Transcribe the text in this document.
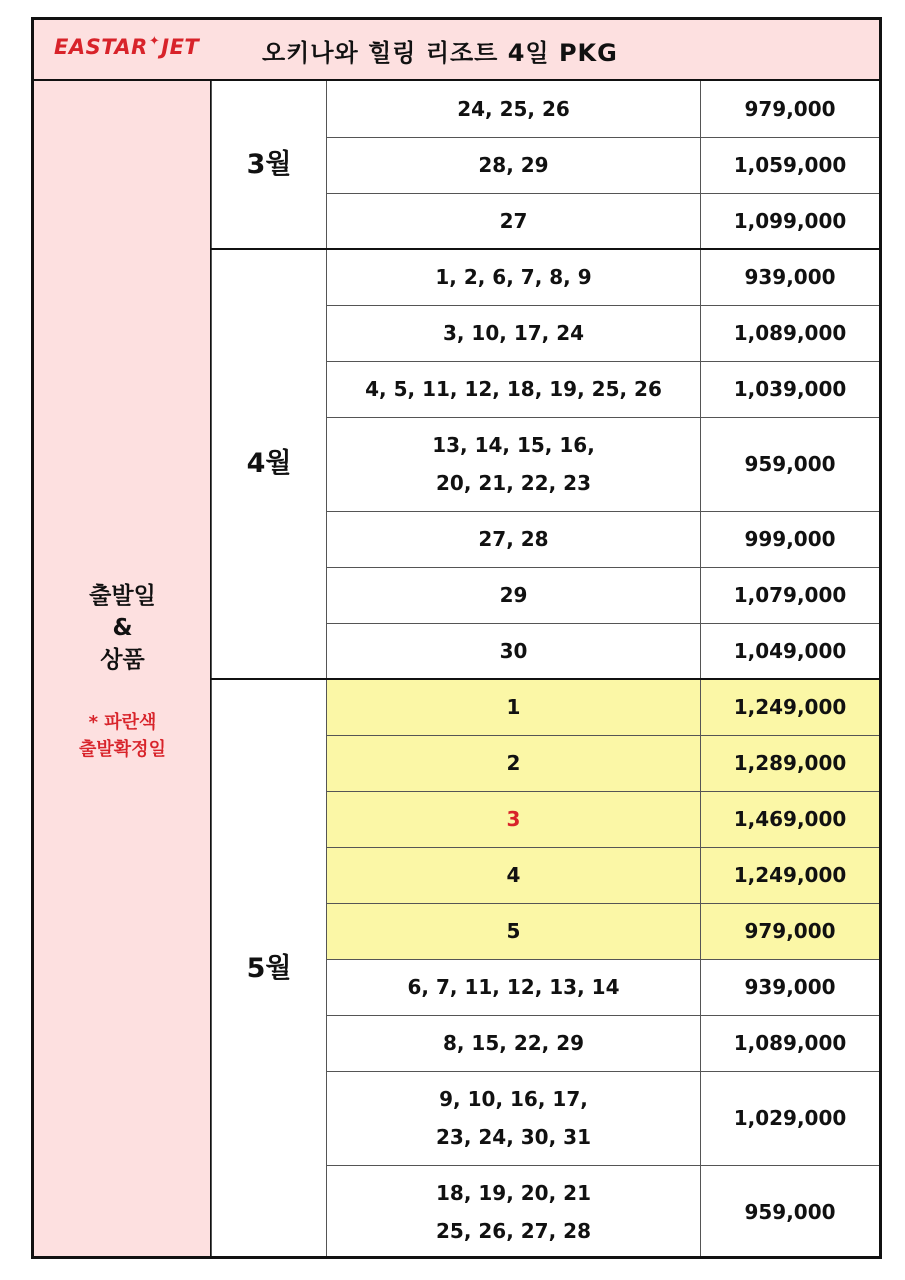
EASTAR✦JET	오키나와 힐링 리조트 4일 PKG
출발일
&
상품
* 파란색
출발확정일
3월	24, 25, 26	979,000

	28, 29	1,059,000

	27	1,099,000
4월	1, 2, 6, 7, 8, 9	939,000

	3, 10, 17, 24	1,089,000

	4, 5, 11, 12, 18, 19, 25, 26	1,039,000

	13, 14, 15, 16,
20, 21, 22, 23	959,000

	27, 28	999,000

	29	1,079,000

	30	1,049,000
5월	1	1,249,000

	2	1,289,000

	3	1,469,000

	4	1,249,000

	5	979,000

	6, 7, 11, 12, 13, 14	939,000

	8, 15, 22, 29	1,089,000

	9, 10, 16, 17,
23, 24, 30, 31	1,029,000

	18, 19, 20, 21
25, 26, 27, 28	959,000
